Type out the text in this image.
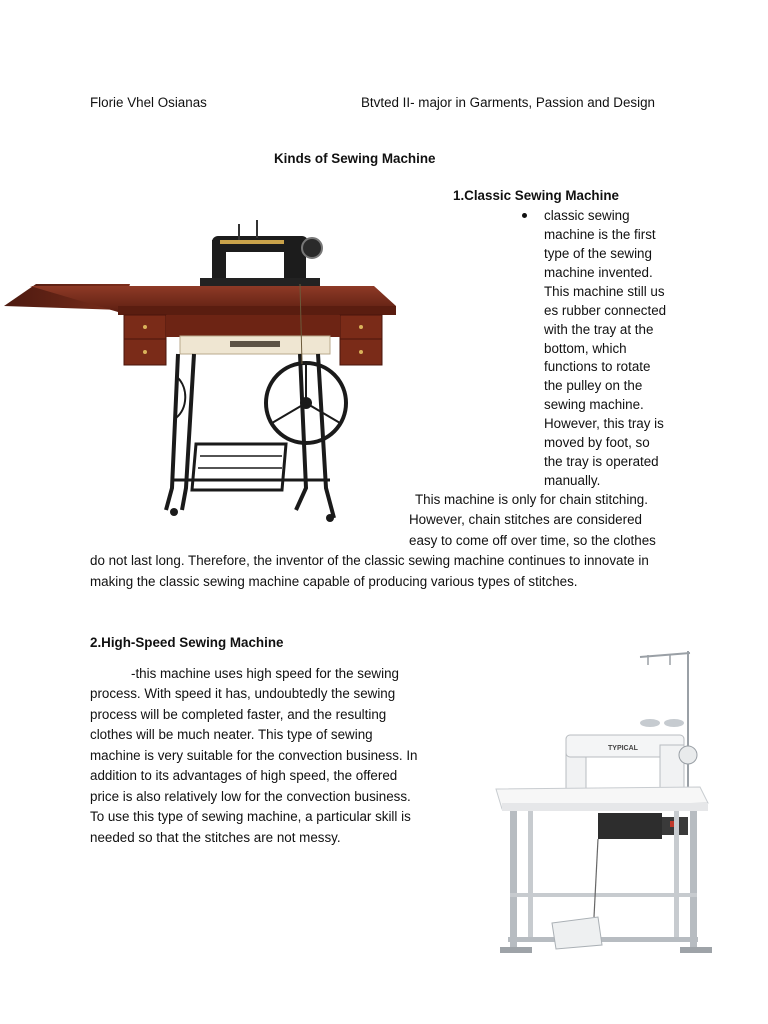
Florie Vhel Osianas	Btvted II- major in Garments, Passion and Design
Kinds of Sewing Machine
1.Classic Sewing Machine
classic sewing
machine is the first
type of the sewing
machine invented.
This machine still us
es rubber connected
with the tray at the
bottom, which
functions to rotate
the pulley on the
sewing machine.
However, this tray is
moved by foot, so
the tray is operated
manually.
This machine is only for chain stitching.
However, chain stitches are considered
easy to come off over time, so the clothes
do not last long. Therefore, the inventor of the classic sewing machine continues to innovate in
making the classic sewing machine capable of producing various types of stitches.
2.High-Speed Sewing Machine
-this machine uses high speed for the sewing
process. With speed it has, undoubtedly the sewing
process will be completed faster, and the resulting
clothes will be much neater. This type of sewing
machine is very suitable for the convection business. In
addition to its advantages of high speed, the offered
price is also relatively low for the convection business.
To use this type of sewing machine, a particular skill is
needed so that the stitches are not messy.
TYPICAL
